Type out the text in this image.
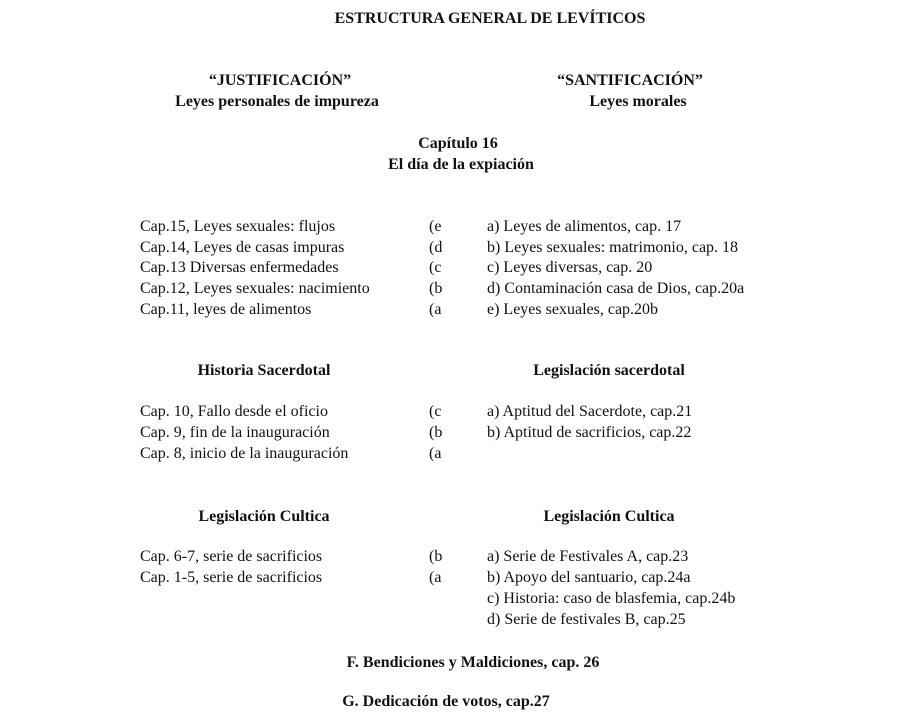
ESTRUCTURA GENERAL DE LEVÍTICOS
“JUSTIFICACIÓN”
Leyes personales de impureza
“SANTIFICACIÓN”
Leyes morales
Capítulo 16
El día de la expiación
Cap.15, Leyes sexuales: flujos
Cap.14, Leyes de casas impuras
Cap.13 Diversas enfermedades
Cap.12, Leyes sexuales: nacimiento
Cap.11, leyes de alimentos
(e
(d
(c
(b
(a
a) Leyes de alimentos, cap. 17
b) Leyes sexuales: matrimonio, cap. 18
c) Leyes diversas, cap. 20
d) Contaminación casa de Dios, cap.20a
e) Leyes sexuales, cap.20b
Historia Sacerdotal	Legislación sacerdotal
Cap. 10, Fallo desde el oficio
Cap. 9, fin de la inauguración
Cap. 8, inicio de la inauguración
(c
(b
(a
a) Aptitud del Sacerdote, cap.21
b) Aptitud de sacrificios, cap.22
Legislación Cultica	Legislación Cultica
Cap. 6-7, serie de sacrificios
Cap. 1-5, serie de sacrificios
(b
(a
a) Serie de Festivales A, cap.23
b) Apoyo del santuario, cap.24a
c) Historia: caso de blasfemia, cap.24b
d) Serie de festivales B, cap.25
F. Bendiciones y Maldiciones, cap. 26
G. Dedicación de votos, cap.27
